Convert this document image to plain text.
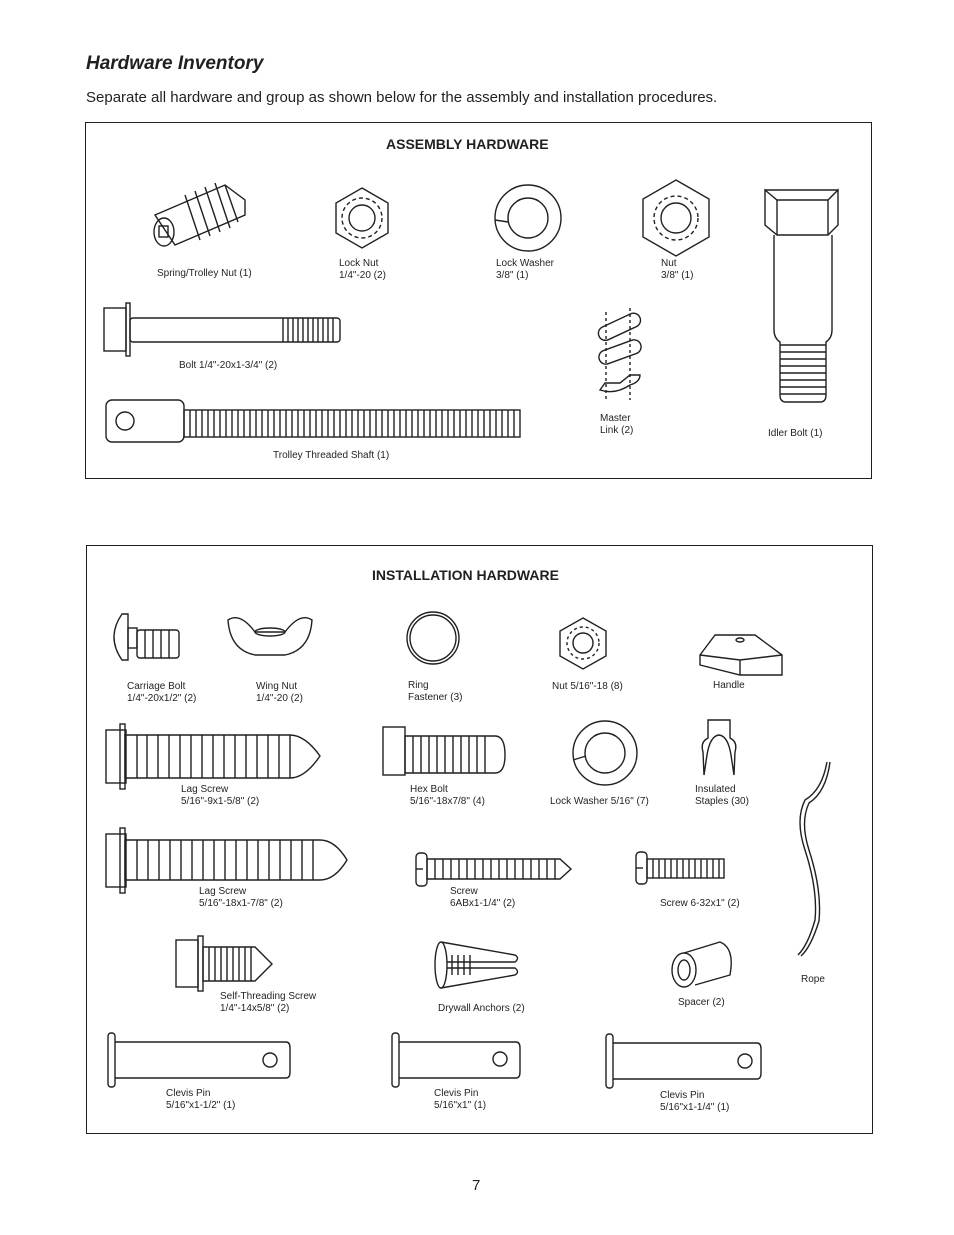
Hardware Inventory
Separate all hardware and group as shown below for the assembly and installation procedures.
ASSEMBLY HARDWARE
INSTALLATION HARDWARE
Spring/Trolley Nut (1)
Lock Nut
1/4"-20 (2)
Lock Washer
3/8" (1)
Nut
3/8" (1)
Bolt 1/4"-20x1-3/4" (2)
Master
Link (2)	Idler Bolt (1)
Trolley Threaded Shaft (1)
Carriage Bolt
1/4"-20x1/2" (2)
Wing Nut
1/4"-20 (2)
Ring
Fastener (3)
Nut 5/16"-18 (8)	Handle
Lag Screw
5/16"-9x1-5/8" (2)
Hex Bolt
5/16"-18x7/8" (4)	Lock Washer 5/16" (7)
Insulated
Staples (30)
Lag Screw
5/16"-18x1-7/8" (2)
Screw
6ABx1-1/4" (2)	Screw 6-32x1" (2)
Rope
Self-Threading Screw
1/4"-14x5/8" (2)	Drywall Anchors (2)
Spacer (2)
Clevis Pin
5/16"x1-1/2" (1)
Clevis Pin
5/16"x1" (1)
Clevis Pin
5/16"x1-1/4" (1)
7
